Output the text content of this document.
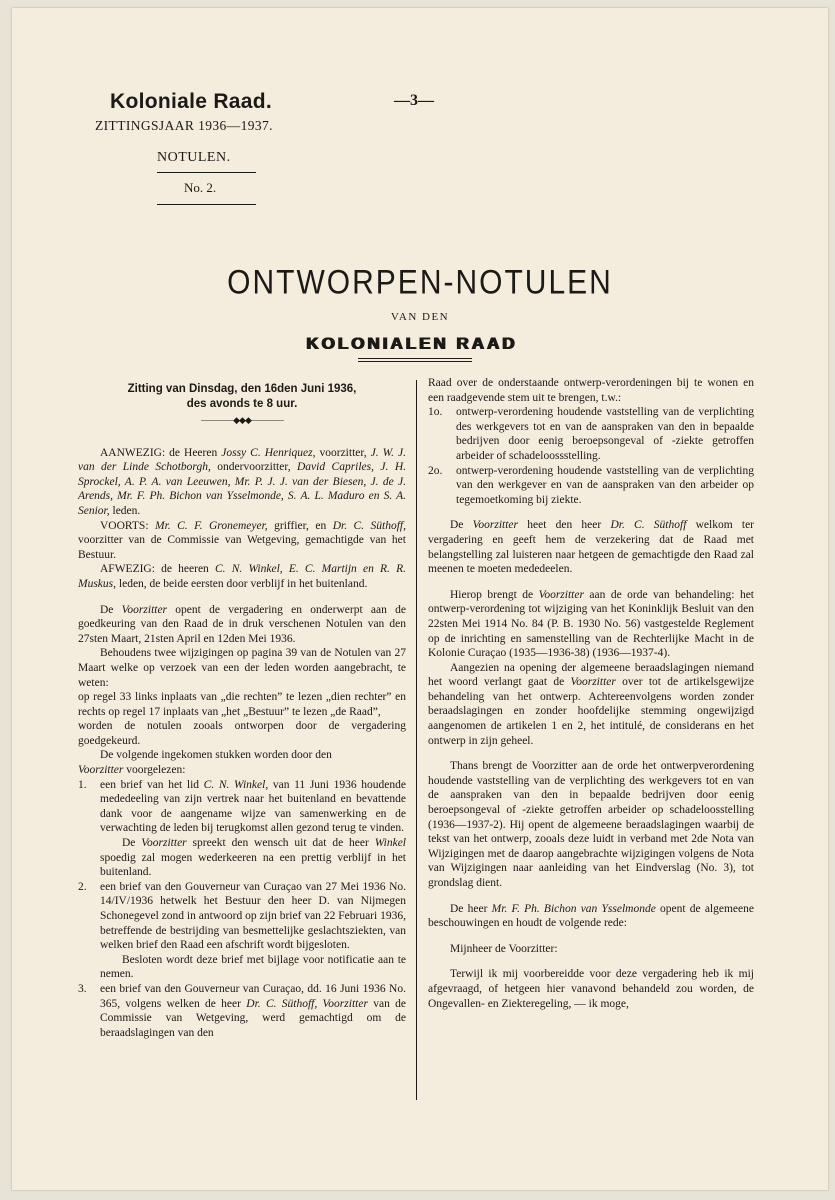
Koloniale Raad.
ZITTINGSJAAR 1936—1937.
—3—
NOTULEN.
No. 2.
ONTWORPEN-NOTULEN
VAN DEN
KOLONIALEN RAAD
Zitting van Dinsdag, den 16den Juni 1936,
des avonds te 8 uur.
————◆◆◆————

AANWEZIG: de Heeren Jossy C. Henriquez, voorzitter, J. W. J. van der Linde Schotborgh, ondervoorzitter, David Capriles, J. H. Sprockel, A. P. A. van Leeuwen, Mr. P. J. J. van der Biesen, J. de J. Arends, Mr. F. Ph. Bichon van Ysselmonde, S. A. L. Maduro en S. A. Senior, leden.

VOORTS: Mr. C. F. Gronemeyer, griffier, en Dr. C. Süthoff, voorzitter van de Commissie van Wetgeving, gemachtigde van het Bestuur.

AFWEZIG: de heeren C. N. Winkel, E. C. Martijn en R. R. Muskus, leden, de beide eersten door verblijf in het buitenland.

De Voorzitter opent de vergadering en onderwerpt aan de goedkeuring van den Raad de in druk verschenen Notulen van den 27sten Maart, 21sten April en 12den Mei 1936.

Behoudens twee wijzigingen op pagina 39 van de Notulen van 27 Maart welke op verzoek van een der leden worden aangebracht, te weten:

op regel 33 links inplaats van „die rechten” te lezen „dien rechter” en rechts op regel 17 inplaats van „het „Bestuur” te lezen „de Raad”,

worden de notulen zooals ontworpen door de vergadering goedgekeurd.

De volgende ingekomen stukken worden door den
Voorzitter voorgelezen:

1. een brief van het lid C. N. Winkel, van 11 Juni 1936 houdende mededeeling van zijn vertrek naar het buitenland en bevattende dank voor de aangename wijze van samenwerking en de verwachting de leden bij terugkomst allen gezond terug te vinden.

De Voorzitter spreekt den wensch uit dat de heer Winkel spoedig zal mogen wederkeeren na een prettig verblijf in het buitenland.

2. een brief van den Gouverneur van Curaçao van 27 Mei 1936 No. 14/IV/1936 hetwelk het Bestuur den heer D. van Nijmegen Schonegevel zond in antwoord op zijn brief van 22 Februari 1936, betreffende de bestrijding van besmettelijke geslachtsziekten, van welken brief den Raad een afschrift wordt bijgesloten.

Besloten wordt deze brief met bijlage voor notificatie aan te nemen.

3. een brief van den Gouverneur van Curaçao, dd. 16 Juni 1936 No. 365, volgens welken de heer Dr. C. Süthoff, Voorzitter van de Commissie van Wetgeving, werd gemachtigd om de beraadslagingen van den

Raad over de onderstaande ontwerp-verordeningen bij te wonen en een raadgevende stem uit te brengen, t.w.:

1o. ontwerp-verordening houdende vaststelling van de verplichting des werkgevers tot en van de aanspraken van den in bepaalde bedrijven door eenig beroepsongeval of -ziekte getroffen arbeider of schadeloossstelling.

2o. ontwerp-verordening houdende vaststelling van de verplichting van den werkgever en van de aanspraken van den arbeider op tegemoetkoming bij ziekte.

De Voorzitter heet den heer Dr. C. Süthoff welkom ter vergadering en geeft hem de verzekering dat de Raad met belangstelling zal luisteren naar hetgeen de gemachtigde den Raad zal meenen te moeten mededeelen.

Hierop brengt de Voorzitter aan de orde van behandeling: het ontwerp-verordening tot wijziging van het Koninklijk Besluit van den 22sten Mei 1914 No. 84 (P. B. 1930 No. 56) vastgestelde Reglement op de inrichting en samenstelling van de Rechterlijke Macht in de Kolonie Curaçao (1935—1936-38) (1936—1937-4).

Aangezien na opening der algemeene beraadslagingen niemand het woord verlangt gaat de Voorzitter over tot de artikelsgewijze behandeling van het ontwerp. Achtereenvolgens worden zonder beraadslagingen en zonder hoofdelijke stemming ongewijzigd aangenomen de artikelen 1 en 2, het intitulé, de considerans en het ontwerp in zijn geheel.

Thans brengt de Voorzitter aan de orde het ontwerpverordening houdende vaststelling van de verplichting des werkgevers tot en van de aanspraken van den in bepaalde bedrijven door eenig beroepsongeval of -ziekte getroffen arbeider op schadeloosstelling (1936—1937-2). Hij opent de algemeene beraadslagingen waarbij de tekst van het ontwerp, zooals deze luidt in verband met 2de Nota van Wijzigingen met de daarop aangebrachte wijzigingen volgens de Nota van Wijzigingen naar aanleiding van het Eindverslag (No. 3), tot grondslag dient.

De heer Mr. F. Ph. Bichon van Ysselmonde opent de algemeene beschouwingen en houdt de volgende rede:

Mijnheer de Voorzitter:

Terwijl ik mij voorbereidde voor deze vergadering heb ik mij afgevraagd, of hetgeen hier vanavond behandeld zou worden, de Ongevallen- en Ziekteregeling, — ik moge,
